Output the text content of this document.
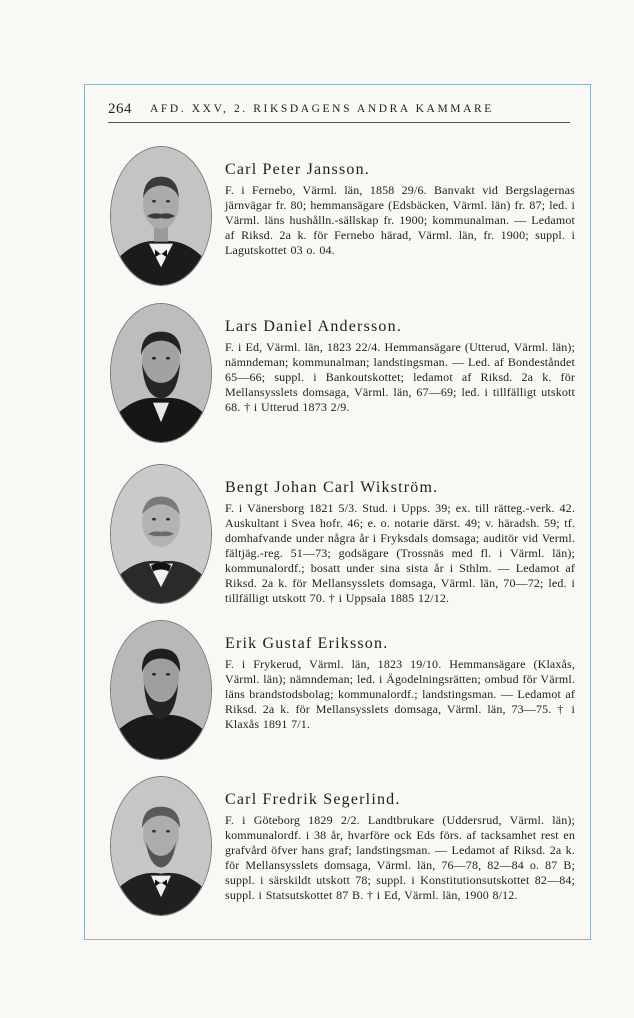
264 AFD. XXV, 2. RIKSDAGENS ANDRA KAMMARE
Carl Peter Jansson.
F. i Fernebo, Värml. län, 1858 29/6. Banvakt vid Bergslagernas järnvägar fr. 80; hemmansägare (Edsbäcken, Värml. län) fr. 87; led. i Värml. läns hushålln.-sällskap fr. 1900; kommunalman. — Ledamot af Riksd. 2a k. för Fernebo härad, Värml. län, fr. 1900; suppl. i Lagutskottet 03 o. 04.
Lars Daniel Andersson.
F. i Ed, Värml. län, 1823 22/4. Hemmansägare (Utterud, Värml. län); nämndeman; kommunalman; landstingsman. — Led. af Bondeståndet 65—66; suppl. i Bankoutskottet; ledamot af Riksd. 2a k. för Mellansysslets domsaga, Värml. län, 67—69; led. i tillfälligt utskott 68. † i Utterud 1873 2/9.
Bengt Johan Carl Wikström.
F. i Vänersborg 1821 5/3. Stud. i Upps. 39; ex. till rätteg.-verk. 42. Auskultant i Svea hofr. 46; e. o. notarie därst. 49; v. häradsh. 59; tf. domhafvande under några år i Fryksdals domsaga; auditör vid Verml. fältjäg.-reg. 51—73; godsägare (Trossnäs med fl. i Värml. län); kommunalordf.; bosatt under sina sista år i Sthlm. — Ledamot af Riksd. 2a k. för Mellansysslets domsaga, Värml. län, 70—72; led. i tillfälligt utskott 70. † i Uppsala 1885 12/12.
Erik Gustaf Eriksson.
F. i Frykerud, Värml. län, 1823 19/10. Hemmansägare (Klaxås, Värml. län); nämndeman; led. i Ägodelningsrätten; ombud för Värml. läns brandstodsbolag; kommunalordf.; landstingsman. — Ledamot af Riksd. 2a k. för Mellansysslets domsaga, Värml. län, 73—75. † i Klaxås 1891 7/1.
Carl Fredrik Segerlind.
F. i Göteborg 1829 2/2. Landtbrukare (Uddersrud, Värml. län); kommunalordf. i 38 år, hvarföre ock Eds förs. af tacksamhet rest en grafvård öfver hans graf; landstingsman. — Ledamot af Riksd. 2a k. för Mellansysslets domsaga, Värml. län, 76—78, 82—84 o. 87 B; suppl. i särskildt utskott 78; suppl. i Konstitutionsutskottet 82—84; suppl. i Statsutskottet 87 B. † i Ed, Värml. län, 1900 8/12.
